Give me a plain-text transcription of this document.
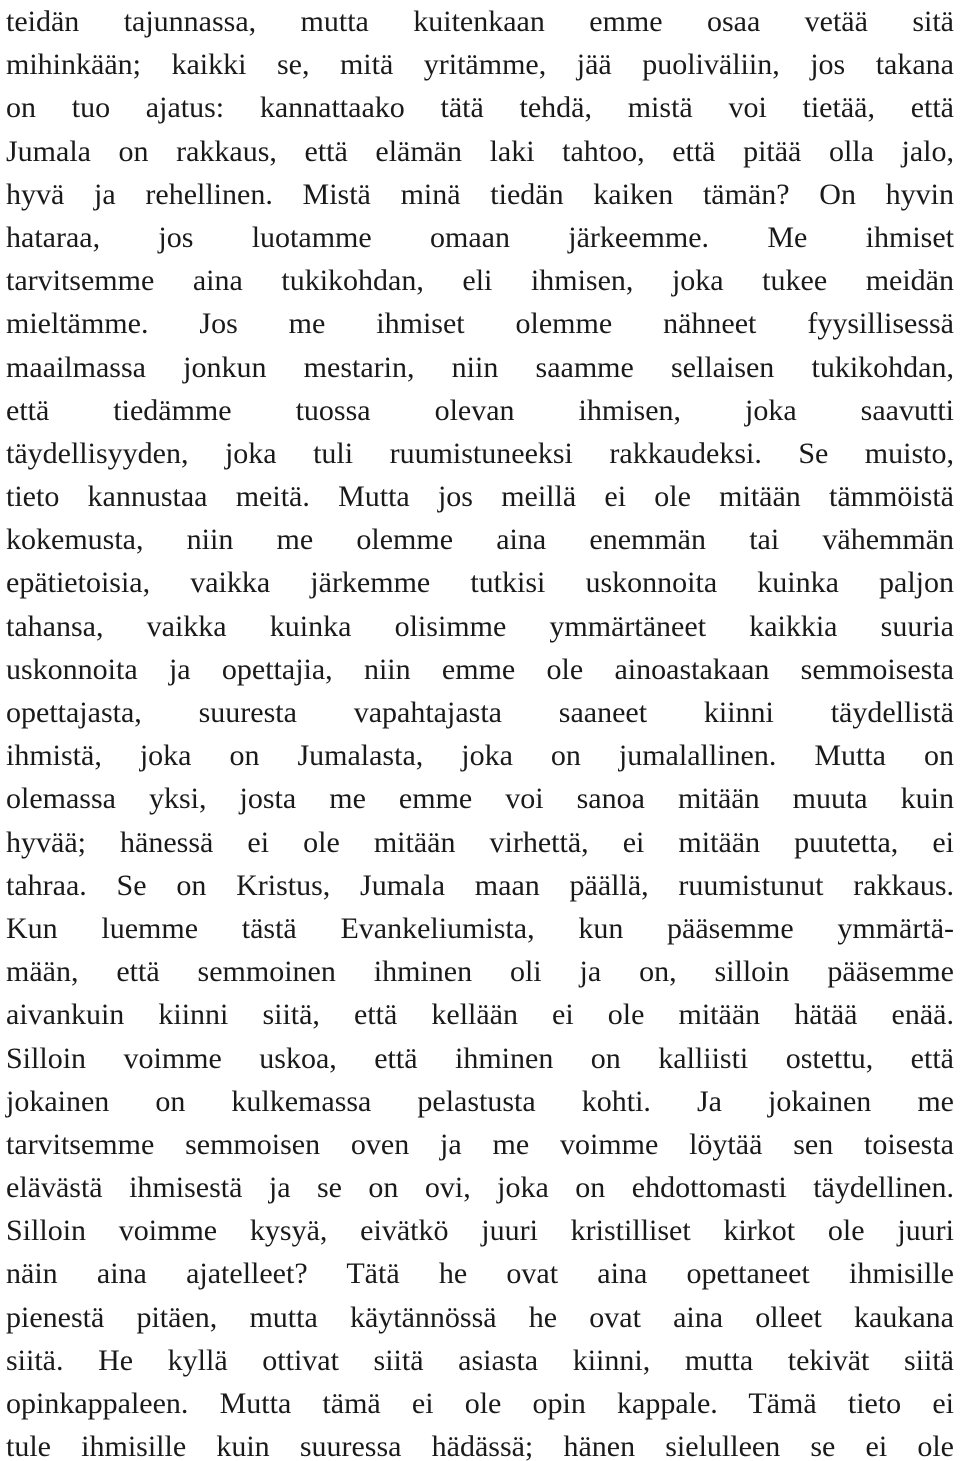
teidän tajunnassa, mutta kuitenkaan emme osaa vetää sitä
mihinkään; kaikki se, mitä yritämme, jää puoliväliin, jos takana
on tuo ajatus: kannattaako tätä tehdä, mistä voi tietää, että
Jumala on rakkaus, että elämän laki tahtoo, että pitää olla jalo,
hyvä ja rehellinen. Mistä minä tiedän kaiken tämän? On hyvin
hataraa, jos luotamme omaan järkeemme. Me ihmiset
tarvitsemme aina tukikohdan, eli ihmisen, joka tukee meidän
mieltämme. Jos me ihmiset olemme nähneet fyysillisessä
maailmassa jonkun mestarin, niin saamme sellaisen tukikohdan,
että tiedämme tuossa olevan ihmisen, joka saavutti
täydellisyyden, joka tuli ruumistuneeksi rakkaudeksi. Se muisto,
tieto kannustaa meitä. Mutta jos meillä ei ole mitään tämmöistä
kokemusta, niin me olemme aina enemmän tai vähemmän
epätietoisia, vaikka järkemme tutkisi uskonnoita kuinka paljon
tahansa, vaikka kuinka olisimme ymmärtäneet kaikkia suuria
uskonnoita ja opettajia, niin emme ole ainoastakaan semmoisesta
opettajasta, suuresta vapahtajasta saaneet kiinni täydellistä
ihmistä, joka on Jumalasta, joka on jumalallinen. Mutta on
olemassa yksi, josta me emme voi sanoa mitään muuta kuin
hyvää; hänessä ei ole mitään virhettä, ei mitään puutetta, ei
tahraa. Se on Kristus, Jumala maan päällä, ruumistunut rakkaus.
Kun luemme tästä Evankeliumista, kun pääsemme ymmärtä-
mään, että semmoinen ihminen oli ja on, silloin pääsemme
aivankuin kiinni siitä, että kellään ei ole mitään hätää enää.
Silloin voimme uskoa, että ihminen on kalliisti ostettu, että
jokainen on kulkemassa pelastusta kohti. Ja jokainen me
tarvitsemme semmoisen oven ja me voimme löytää sen toisesta
elävästä ihmisestä ja se on ovi, joka on ehdottomasti täydellinen.
Silloin voimme kysyä, eivätkö juuri kristilliset kirkot ole juuri
näin aina ajatelleet? Tätä he ovat aina opettaneet ihmisille
pienestä pitäen, mutta käytännössä he ovat aina olleet kaukana
siitä. He kyllä ottivat siitä asiasta kiinni, mutta tekivät siitä
opinkappaleen. Mutta tämä ei ole opin kappale. Tämä tieto ei
tule ihmisille kuin suuressa hädässä; hänen sielulleen se ei ole
